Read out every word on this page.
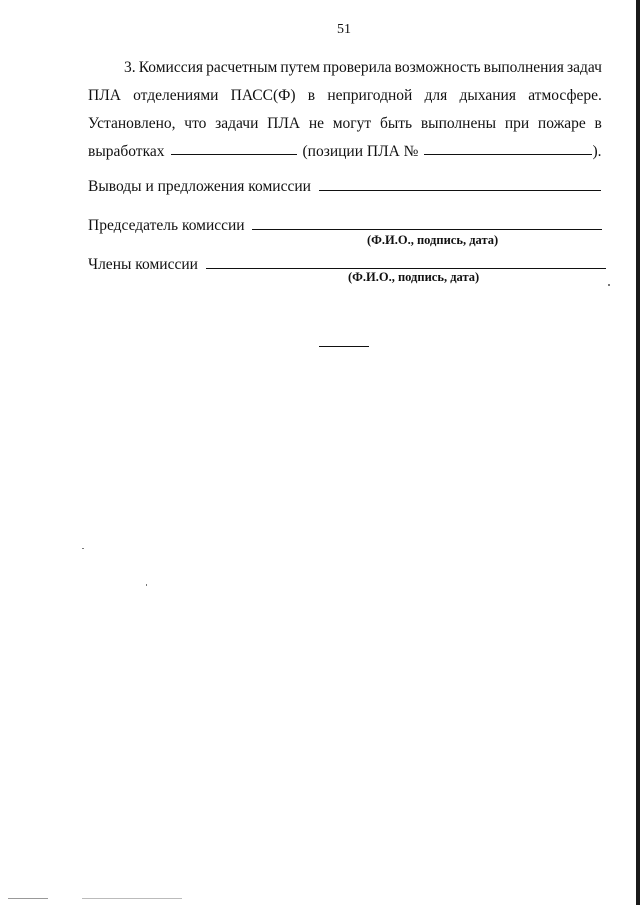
51
3. Комиссия расчетным путем проверила возможность выполнения задач
ПЛА отделениями ПАСС(Ф) в непригодной для дыхания атмосфере.
Установлено, что задачи ПЛА не могут быть выполнены при пожаре в
выработках	(позиции ПЛА №	).
Выводы и предложения комиссии
Председатель комиссии
(Ф.И.О., подпись, дата)
Члены комиссии
(Ф.И.О., подпись, дата)
